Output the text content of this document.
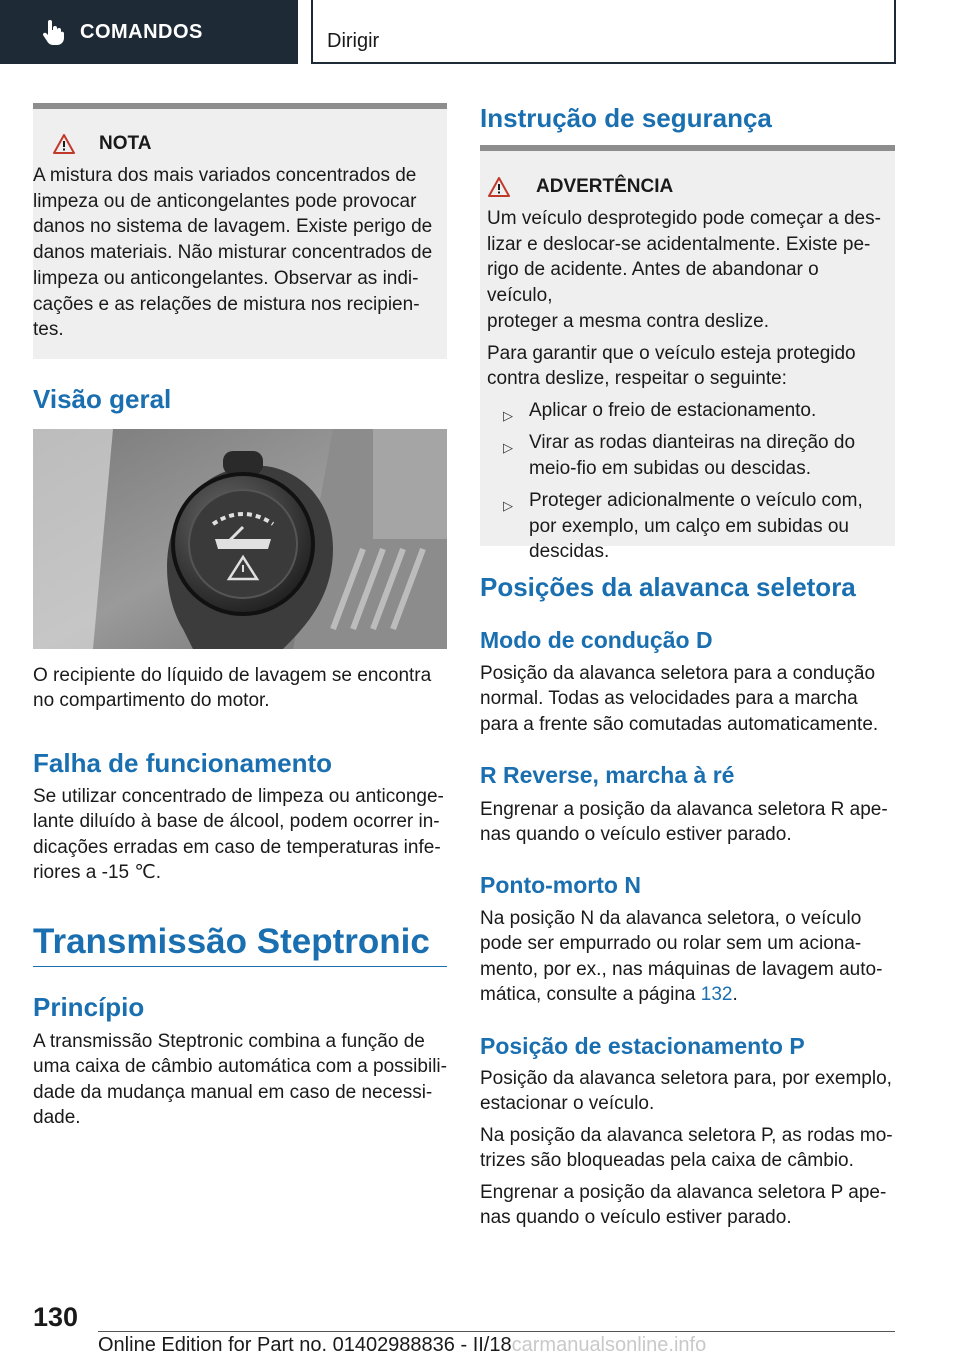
COMANDOS	Dirigir
NOTA
A mistura dos mais variados concentrados de
limpeza ou de anticongelantes pode provocar
danos no sistema de lavagem. Existe perigo de
danos materiais. Não misturar concentrados de
limpeza ou anticongelantes. Observar as indi-
cações e as relações de mistura nos recipien-
tes.
Visão geral
O recipiente do líquido de lavagem se encontra
no compartimento do motor.
Falha de funcionamento
Se utilizar concentrado de limpeza ou anticonge-
lante diluído à base de álcool, podem ocorrer in-
dicações erradas em caso de temperaturas infe-
riores a -15 ℃.
Transmissão Steptronic
Princípio
A transmissão Steptronic combina a função de
uma caixa de câmbio automática com a possibili-
dade da mudança manual em caso de necessi-
dade.
Instrução de segurança
ADVERTÊNCIA
Um veículo desprotegido pode começar a des-
lizar e deslocar-se acidentalmente. Existe pe-
rigo de acidente. Antes de abandonar o veículo,
proteger a mesma contra deslize.
Para garantir que o veículo esteja protegido
contra deslize, respeitar o seguinte:
▷ Aplicar o freio de estacionamento.
▷ Virar as rodas dianteiras na direção do
meio-fio em subidas ou descidas.
▷ Proteger adicionalmente o veículo com,
por exemplo, um calço em subidas ou
descidas.
Posições da alavanca seletora
Modo de condução D
Posição da alavanca seletora para a condução
normal. Todas as velocidades para a marcha
para a frente são comutadas automaticamente.
R Reverse, marcha à ré
Engrenar a posição da alavanca seletora R ape-
nas quando o veículo estiver parado.
Ponto-morto N
Na posição N da alavanca seletora, o veículo
pode ser empurrado ou rolar sem um aciona-
mento, por ex., nas máquinas de lavagem auto-
mática, consulte a página 132.
Posição de estacionamento P
Posição da alavanca seletora para, por exemplo,
estacionar o veículo.
Na posição da alavanca seletora P, as rodas mo-
trizes são bloqueadas pela caixa de câmbio.
Engrenar a posição da alavanca seletora P ape-
nas quando o veículo estiver parado.
130
Online Edition for Part no. 01402988836 - II/18carmanualsonline.info
